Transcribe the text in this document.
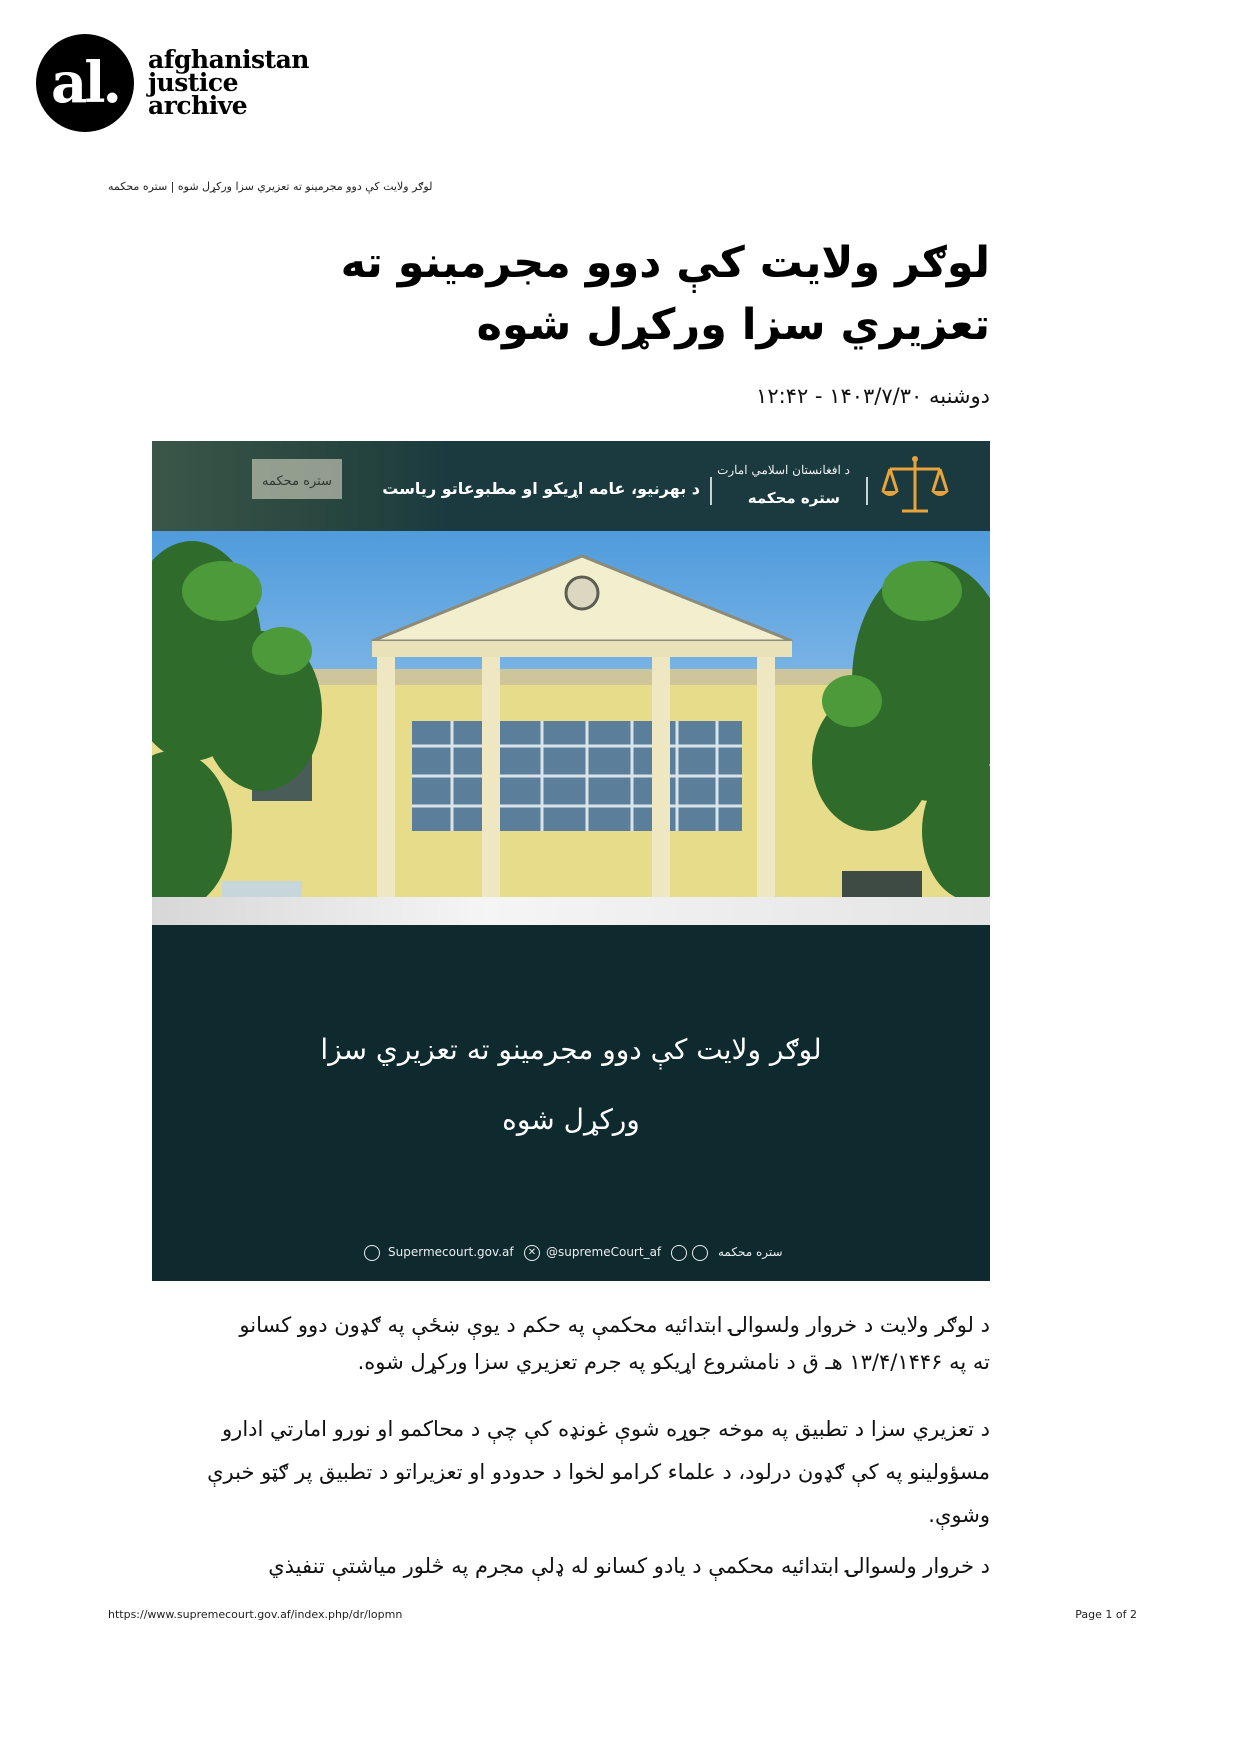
al.	afghanistan
justice
archive
لوګر ولايت کې دوو مجرمينو ته تعزيري سزا ورکړل شوه | ستره محکمه
لوګر ولايت کې دوو مجرمينو ته تعزيري سزا ورکړل شوه
دوشنبه ۱۴۰۳/۷/۳۰ - ۱۲:۴۲
ستره محکمه	د بهرنيو، عامه اړيکو او مطبوعاتو رياست
د افغانستان اسلامي امارت
ستره محکمه
لوګر ولايت کې دوو مجرمينو ته تعزيري سزا
ورکړل شوه
Supermecourt.gov.af	✕ @supremeCourt_af	ستره محکمه

د لوګر ولایت د خروار ولسوالۍ ابتدائیه محکمې په حکم د یوې ښځې په ګډون دوو کسانو ته په ۱۳/۴/۱۴۴۶ هـ ق د نامشروع اړیکو په جرم تعزيري سزا ورکړل شوه.

د تعزيري سزا د تطبيق په موخه جوړه شوې غونډه کې چې د محاکمو او نورو امارتي ادارو مسؤولينو په کې ګډون درلود، د علماء کرامو لخوا د حدودو او تعزيراتو د تطبيق پر ګټو خبرې وشوې.

د خروار ولسوالۍ ابتدائیه محکمې د یادو کسانو له ډلې مجرم په څلور میاشتې تنفيذي

https://www.supremecourt.gov.af/index.php/dr/lopmn	Page 1 of 2
